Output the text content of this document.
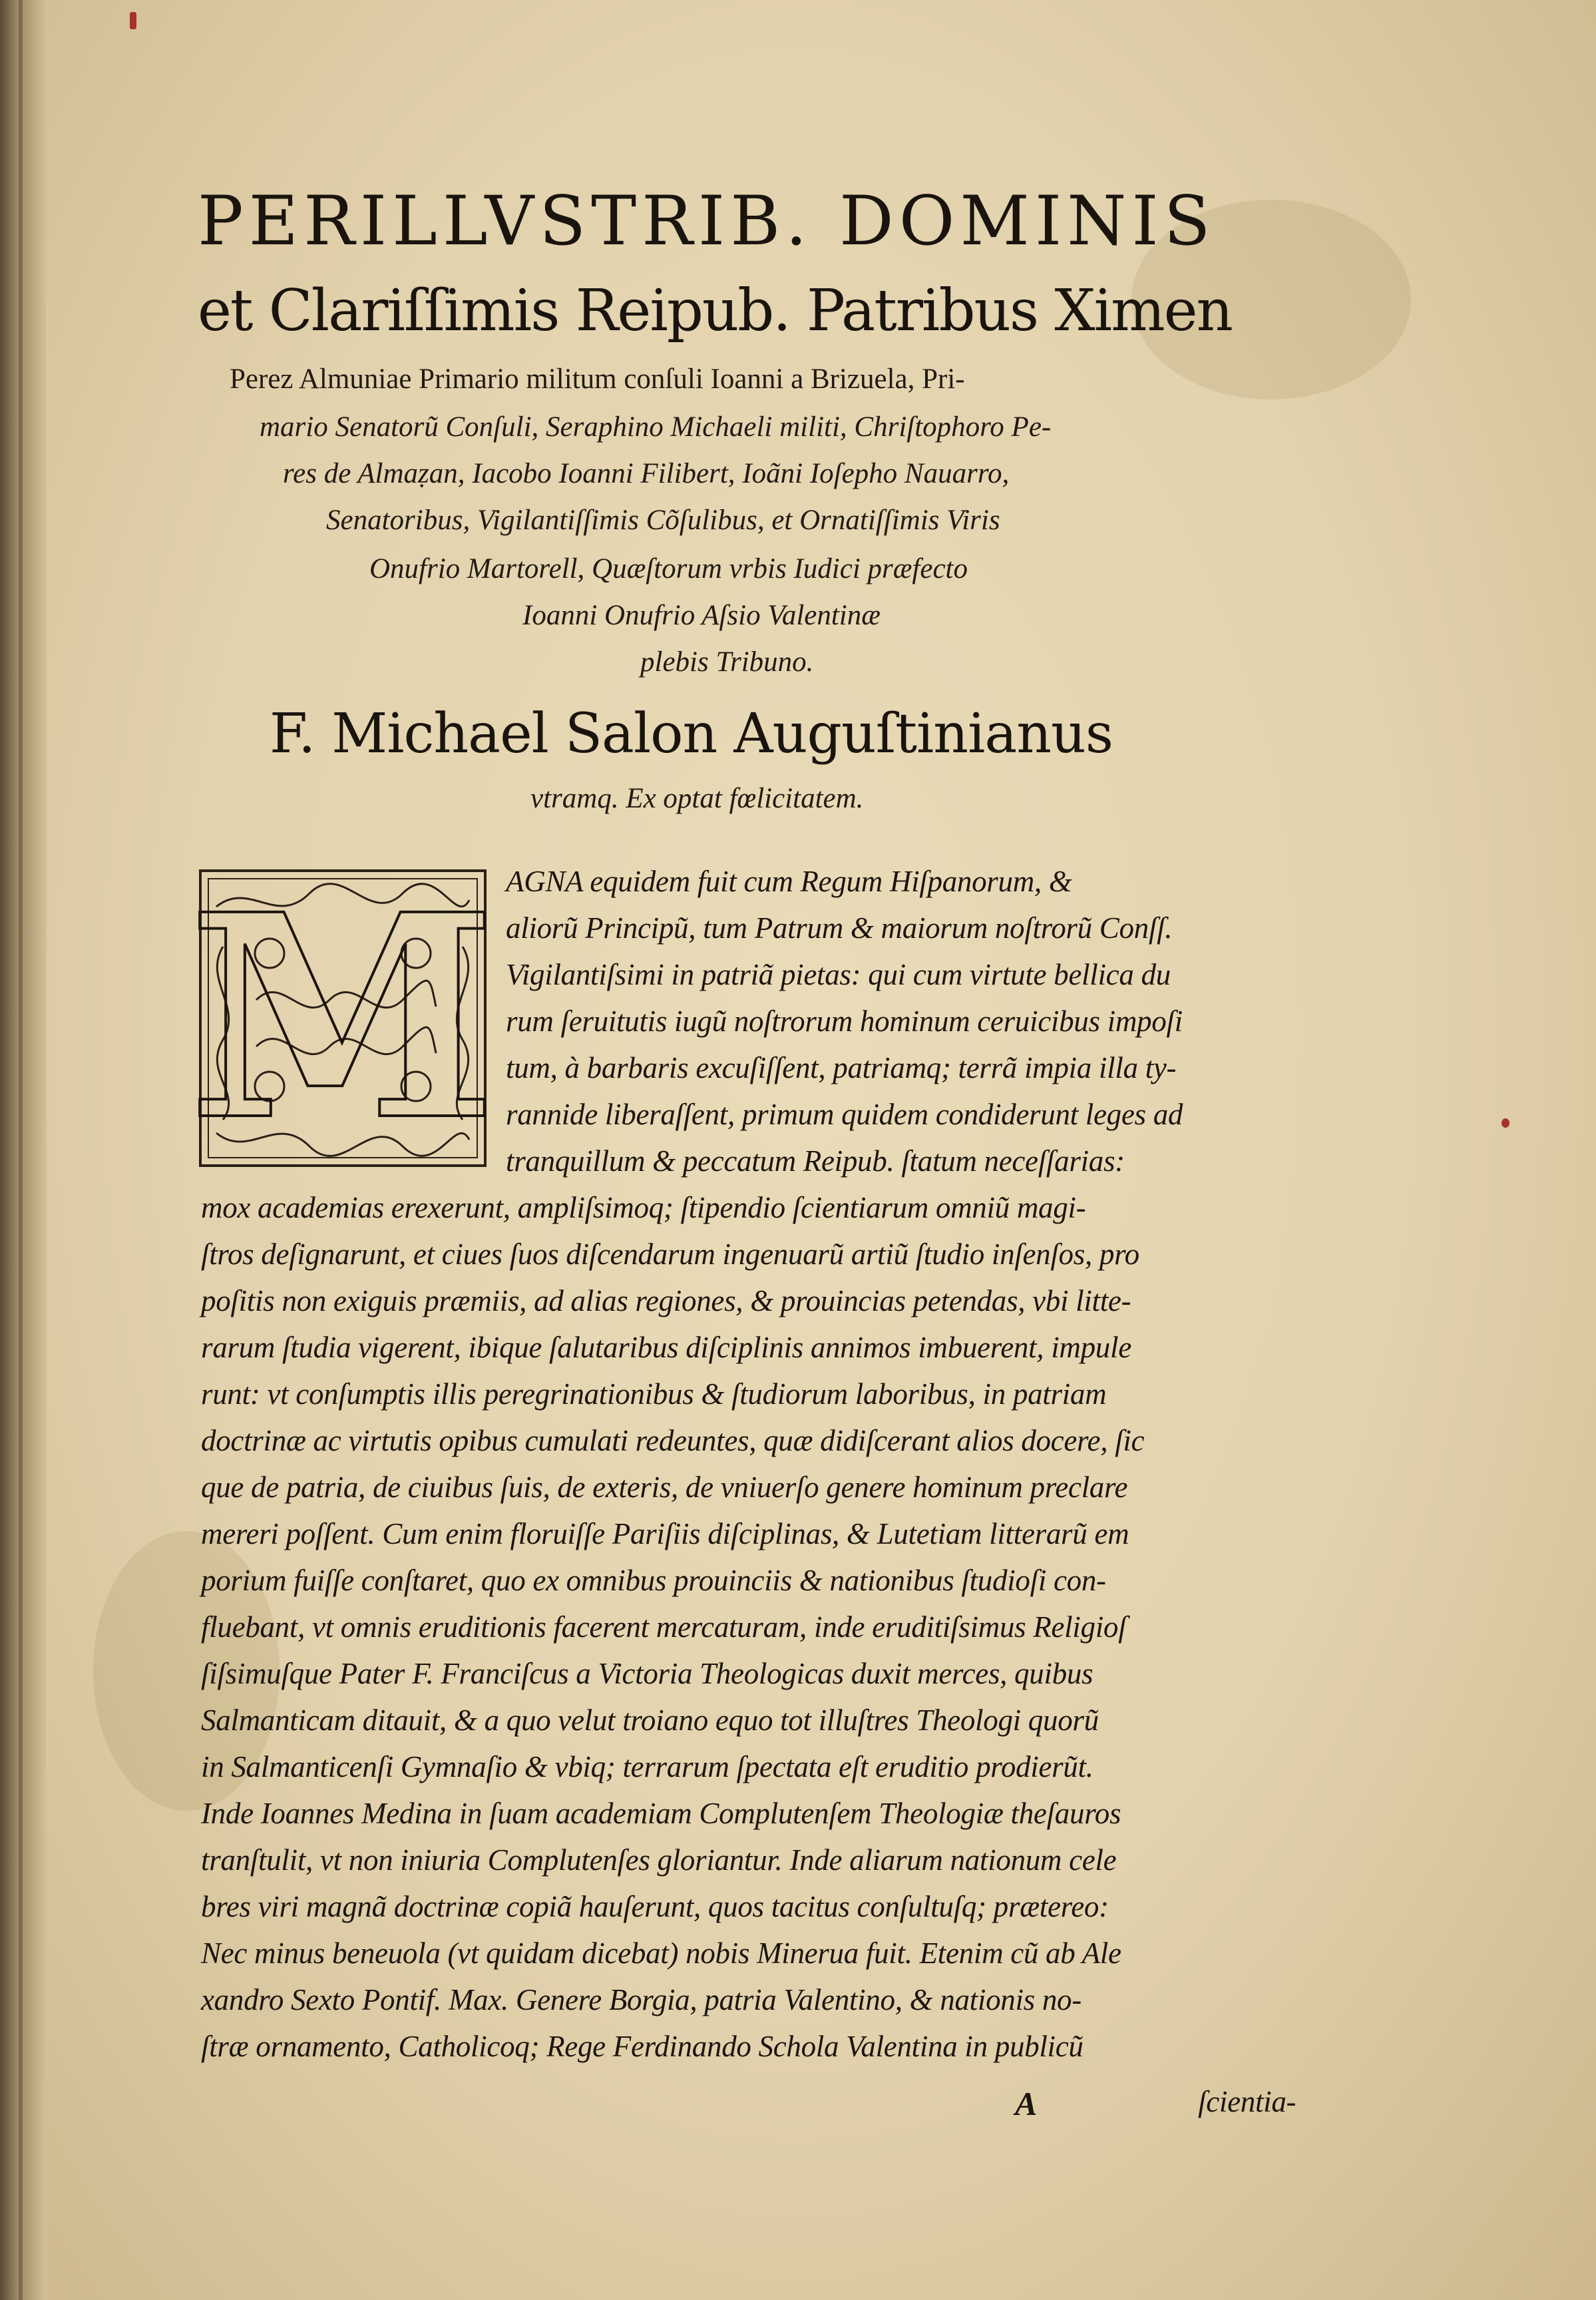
PERILLVSTRIB. DOMINIS
et Clariſſimis Reipub. Patribus Ximen
Perez Almuniae Primario militum conſuli Ioanni a Brizuela, Pri-
mario Senatorũ Conſuli, Seraphino Michaeli militi, Chriſtophoro Pe-
res de Almaẓan, Iacobo Ioanni Filibert, Ioãni Ioſepho Nauarro,
Senatoribus, Vigilantiſſimis Cõſulibus, et Ornatiſſimis Viris
Onufrio Martorell, Quæſtorum vrbis Iudici præfecto
Ioanni Onufrio Aſsio Valentinæ
plebis Tribuno.
F. Michael Salon Auguſtinianus
vtramq. Ex optat fœlicitatem.
M AGNA equidem fuit cum Regum Hiſpanorum, &
aliorũ Principũ, tum Patrum & maiorum noſtrorũ Conſſ.
Vigilantiſsimi in patriã pietas: qui cum virtute bellica du
rum ſeruitutis iugũ noſtrorum hominum ceruicibus impoſi
tum, à barbaris excuſiſſent, patriamq; terrã impia illa ty-
rannide liberaſſent, primum quidem condiderunt leges ad
tranquillum & peccatum Reipub. ſtatum neceſſarias:
mox academias erexerunt, ampliſsimoq; ſtipendio ſcientiarum omniũ magi-
ſtros deſignarunt, et ciues ſuos diſcendarum ingenuarũ artiũ ſtudio inſenſos, pro
poſitis non exiguis præmiis, ad alias regiones, & prouincias petendas, vbi litte-
rarum ſtudia vigerent, ibique ſalutaribus diſciplinis annimos imbuerent, impule
runt: vt conſumptis illis peregrinationibus & ſtudiorum laboribus, in patriam
doctrinæ ac virtutis opibus cumulati redeuntes, quæ didiſcerant alios docere, ſic
que de patria, de ciuibus ſuis, de exteris, de vniuerſo genere hominum preclare
mereri poſſent. Cum enim floruiſſe Pariſiis diſciplinas, & Lutetiam litterarũ em
porium fuiſſe conſtaret, quo ex omnibus prouinciis & nationibus ſtudioſi con-
fluebant, vt omnis eruditionis facerent mercaturam, inde eruditiſsimus Religioſ
ſiſsimuſque Pater F. Franciſcus a Victoria Theologicas duxit merces, quibus
Salmanticam ditauit, & a quo velut troiano equo tot illuſtres Theologi quorũ
in Salmanticenſi Gymnaſio & vbiq; terrarum ſpectata eſt eruditio prodierũt.
Inde Ioannes Medina in ſuam academiam Complutenſem Theologiæ theſauros
tranſtulit, vt non iniuria Complutenſes gloriantur. Inde aliarum nationum cele
bres viri magnã doctrinæ copiã hauſerunt, quos tacitus conſultuſq; prætereo:
Nec minus beneuola (vt quidam dicebat) nobis Minerua fuit. Etenim cũ ab Ale
xandro Sexto Pontif. Max. Genere Borgia, patria Valentino, & nationis no-
ſtræ ornamento, Catholicoq; Rege Ferdinando Schola Valentina in publicũ
A	ſcientia-
